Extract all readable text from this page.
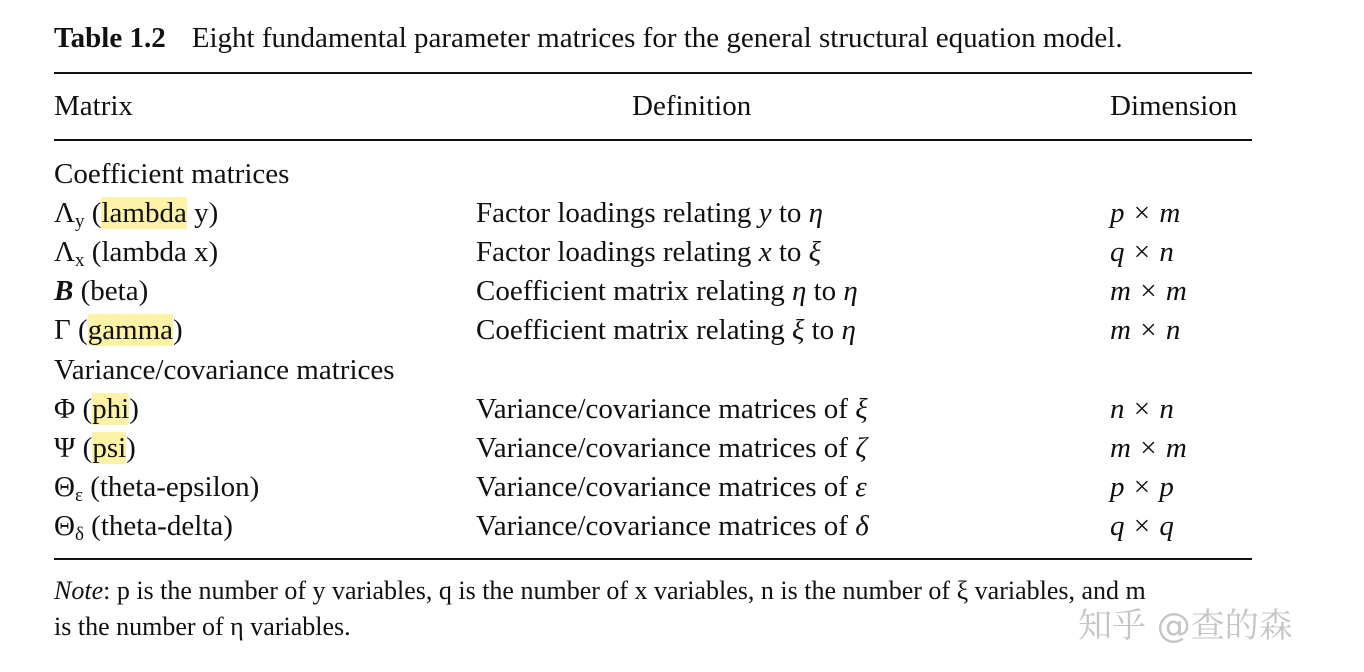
Table 1.2 Eight fundamental parameter matrices for the general structural equation model.
Matrix	Definition	Dimension
Coefficient matrices
$\Lambda_y$ (lambda y)	Factor loadings relating y to η	p × m
$\Lambda_x$ (lambda x)	Factor loadings relating x to ξ	q × n
B (beta)	Coefficient matrix relating η to η	m × m
Γ (gamma)	Coefficient matrix relating ξ to η	m × n
Variance/covariance matrices
Φ (phi)	Variance/covariance matrices of ξ	n × n
Ψ (psi)	Variance/covariance matrices of ζ	m × m
$\Theta_\varepsilon$ (theta-epsilon)	Variance/covariance matrices of ε	p × p
$\Theta_\delta$ (theta-delta)	Variance/covariance matrices of δ	q × q
Note: p is the number of y variables, q is the number of x variables, n is the number of ξ variables, and m
is the number of η variables.	知乎 @查的森
